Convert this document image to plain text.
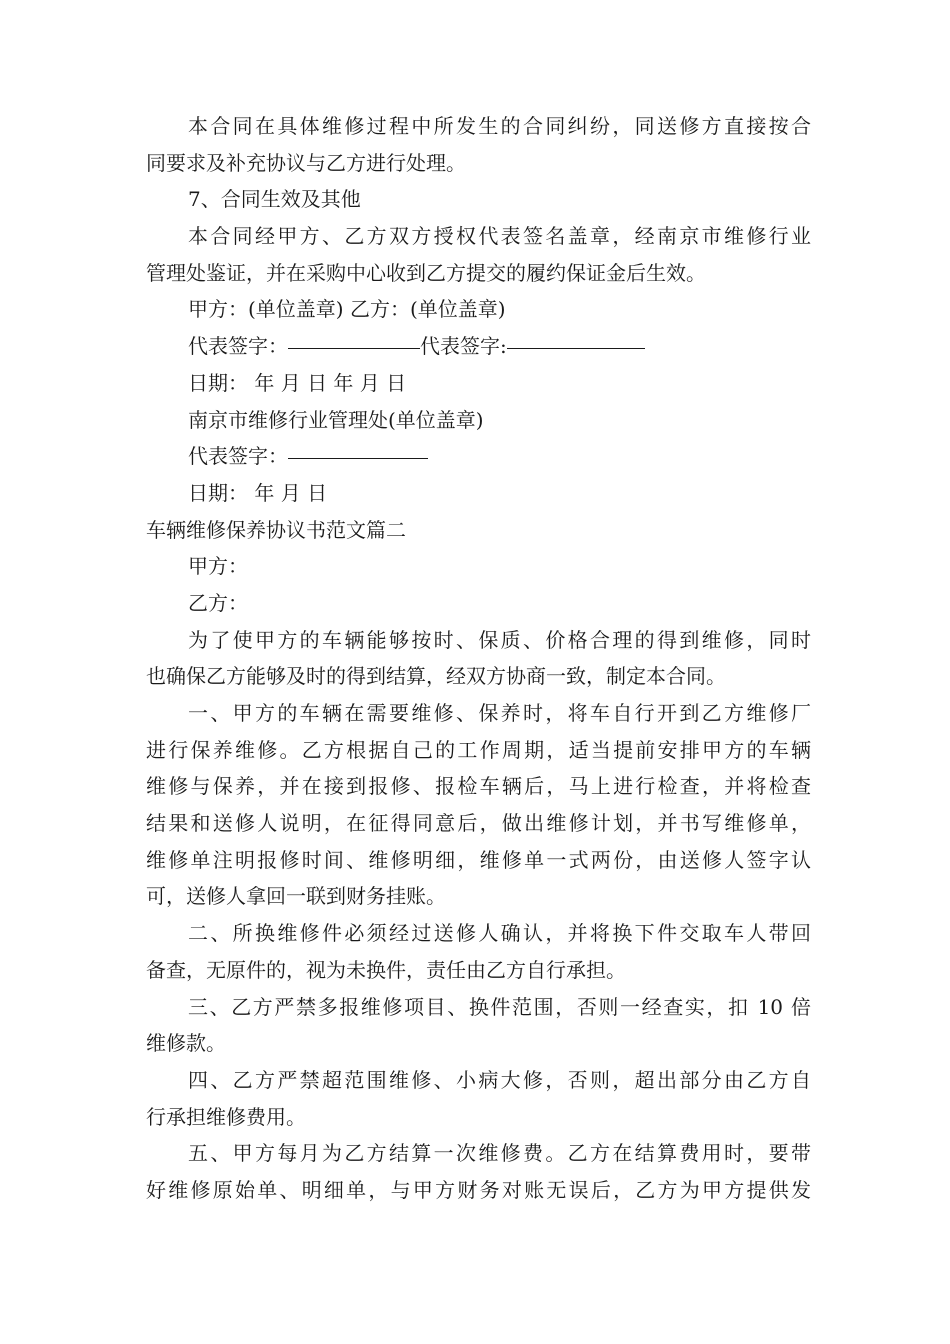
本合同在具体维修过程中所发生的合同纠纷，同送修方直接按合
同要求及补充协议与乙方进行处理。
7、合同生效及其他
本合同经甲方、乙方双方授权代表签名盖章，经南京市维修行业
管理处鉴证，并在采购中心收到乙方提交的履约保证金后生效。
甲方：(单位盖章) 乙方：(单位盖章)
代表签字：	代表签字:
日期： 年 月 日 年 月 日
南京市维修行业管理处(单位盖章)
代表签字：
日期： 年 月 日
车辆维修保养协议书范文篇二
甲方：
乙方：
为了使甲方的车辆能够按时、保质、价格合理的得到维修，同时
也确保乙方能够及时的得到结算，经双方协商一致，制定本合同。
一、甲方的车辆在需要维修、保养时，将车自行开到乙方维修厂
进行保养维修。乙方根据自己的工作周期，适当提前安排甲方的车辆
维修与保养，并在接到报修、报检车辆后，马上进行检查，并将检查
结果和送修人说明，在征得同意后，做出维修计划，并书写维修单，
维修单注明报修时间、维修明细，维修单一式两份，由送修人签字认
可，送修人拿回一联到财务挂账。
二、所换维修件必须经过送修人确认，并将换下件交取车人带回
备查，无原件的，视为未换件，责任由乙方自行承担。
三、乙方严禁多报维修项目、换件范围，否则一经查实，扣 10 倍
维修款。
四、乙方严禁超范围维修、小病大修，否则，超出部分由乙方自
行承担维修费用。
五、甲方每月为乙方结算一次维修费。乙方在结算费用时，要带
好维修原始单、明细单，与甲方财务对账无误后，乙方为甲方提供发
